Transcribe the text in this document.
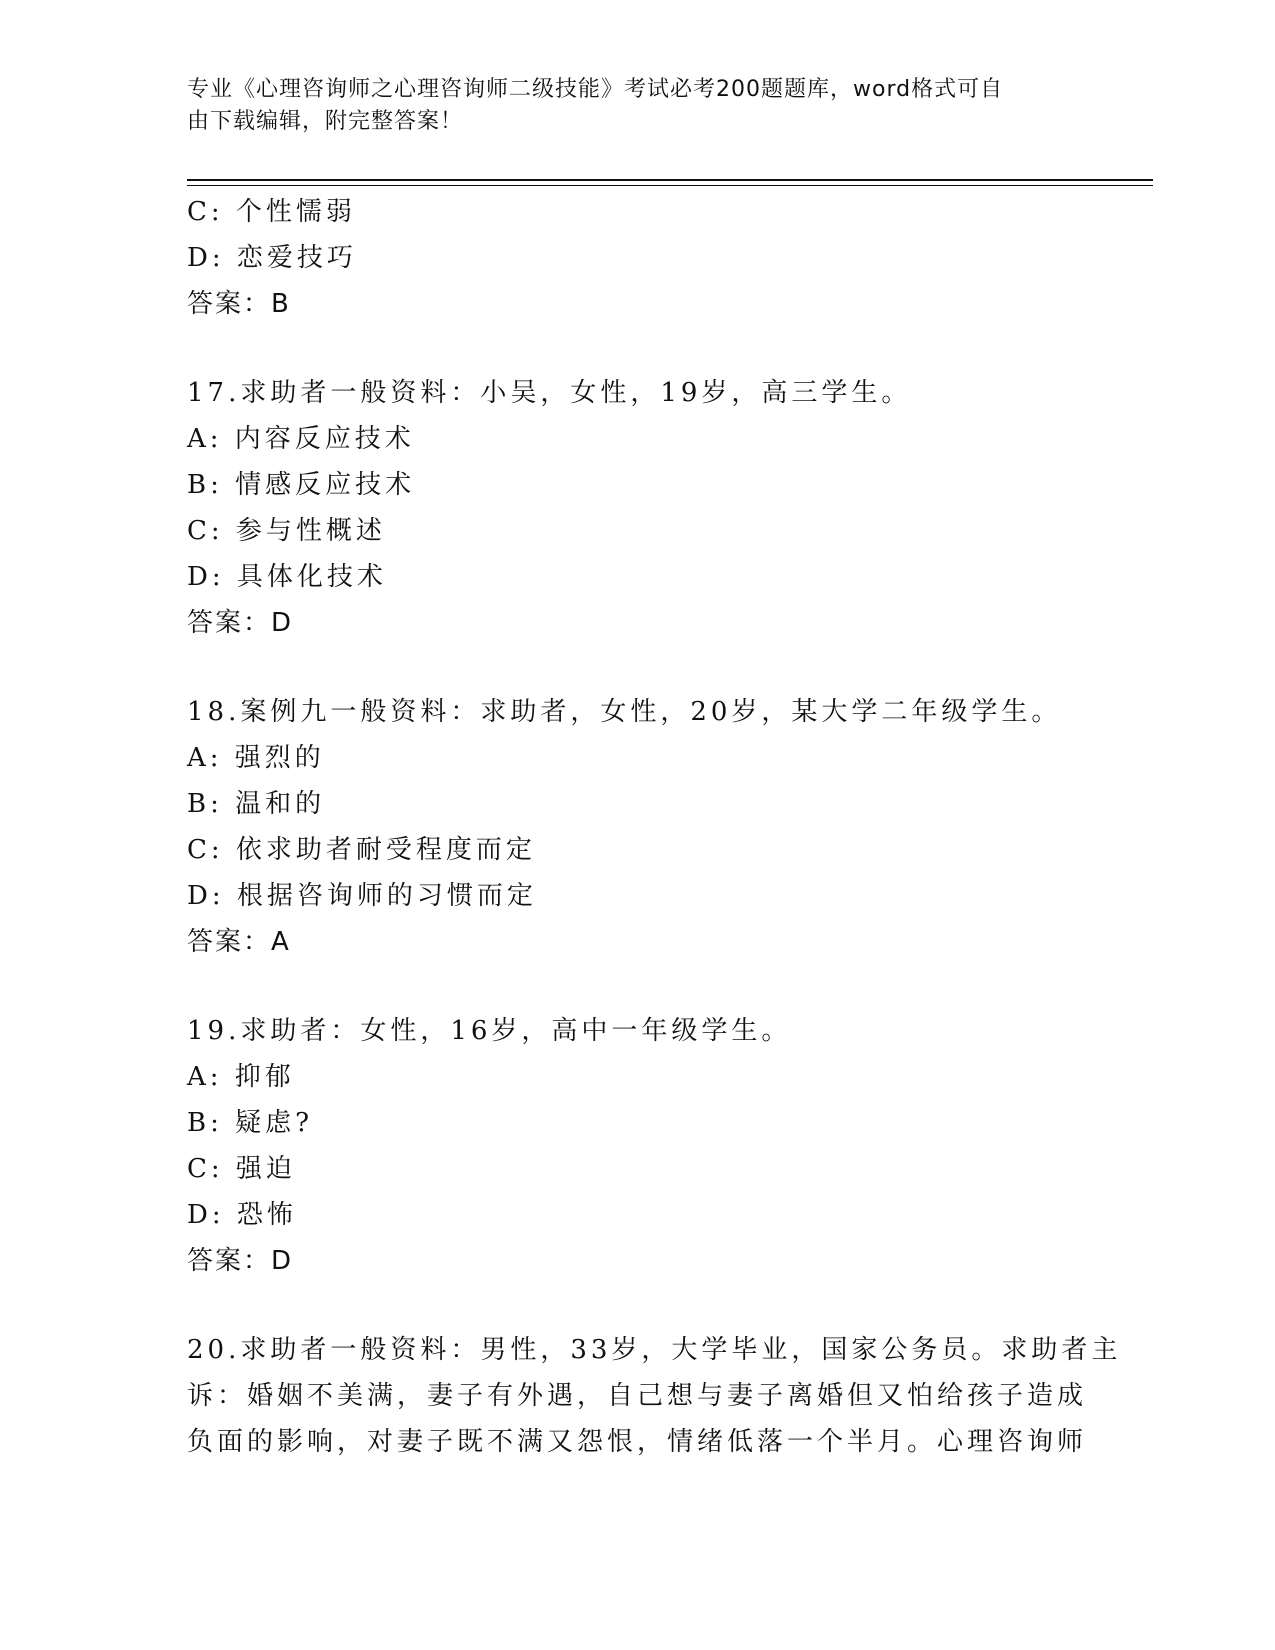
专业《心理咨询师之心理咨询师二级技能》考试必考200题题库，word格式可自
由下载编辑，附完整答案！
C: 个性懦弱
D: 恋爱技巧
答案：B
17.求助者一般资料：小吴，女性，19岁，高三学生。
A: 内容反应技术
B: 情感反应技术
C: 参与性概述
D: 具体化技术
答案：D
18.案例九一般资料：求助者，女性，20岁，某大学二年级学生。
A: 强烈的
B: 温和的
C: 依求助者耐受程度而定
D: 根据咨询师的习惯而定
答案：A
19.求助者：女性，16岁，高中一年级学生。
A: 抑郁
B: 疑虑?
C: 强迫
D: 恐怖
答案：D
20.求助者一般资料：男性，33岁，大学毕业，国家公务员。求助者主
诉：婚姻不美满，妻子有外遇，自己想与妻子离婚但又怕给孩子造成
负面的影响，对妻子既不满又怨恨，情绪低落一个半月。心理咨询师
